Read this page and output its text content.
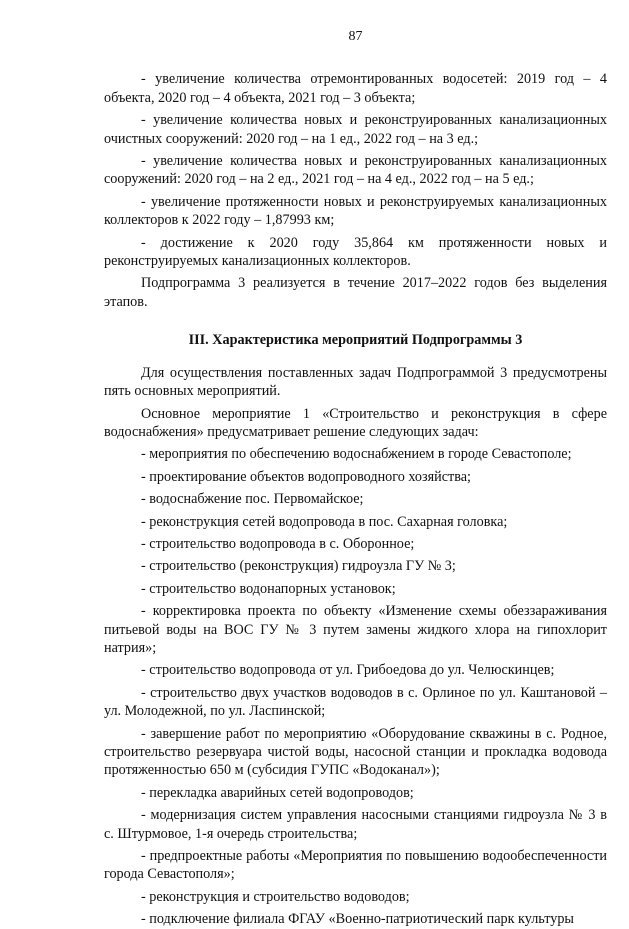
87

- увеличение количества отремонтированных водосетей: 2019 год – 4 объекта, 2020 год – 4 объекта, 2021 год – 3 объекта;

- увеличение количества новых и реконструированных канализационных очистных сооружений: 2020 год – на 1 ед., 2022 год – на 3 ед.;

- увеличение количества новых и реконструированных канализационных сооружений: 2020 год – на 2 ед., 2021 год – на 4 ед., 2022 год – на 5 ед.;

- увеличение протяженности новых и реконструируемых канализационных коллекторов к 2022 году – 1,87993 км;

- достижение к 2020 году 35,864 км протяженности новых и реконструируемых канализационных коллекторов.

Подпрограмма 3 реализуется в течение 2017–2022 годов без выделения этапов.

III. Характеристика мероприятий Подпрограммы 3

Для осуществления поставленных задач Подпрограммой 3 предусмотрены пять основных мероприятий.

Основное мероприятие 1 «Строительство и реконструкция в сфере водоснабжения» предусматривает решение следующих задач:

- мероприятия по обеспечению водоснабжением в городе Севастополе;

- проектирование объектов водопроводного хозяйства;

- водоснабжение пос. Первомайское;

- реконструкция сетей водопровода в пос. Сахарная головка;

- строительство водопровода в с. Оборонное;

- строительство (реконструкция) гидроузла ГУ № 3;

- строительство водонапорных установок;

- корректировка проекта по объекту «Изменение схемы обеззараживания питьевой воды на ВОС ГУ № 3 путем замены жидкого хлора на гипохлорит натрия»;

- строительство водопровода от ул. Грибоедова до ул. Челюскинцев;

- строительство двух участков водоводов в с. Орлиное по ул. Каштановой – ул. Молодежной, по ул. Ласпинской;

- завершение работ по мероприятию «Оборудование скважины в с. Родное, строительство резервуара чистой воды, насосной станции и прокладка водовода протяженностью 650 м (субсидия ГУПС «Водоканал»);

- перекладка аварийных сетей водопроводов;

- модернизация систем управления насосными станциями гидроузла № 3 в с. Штурмовое, 1-я очередь строительства;

- предпроектные работы «Мероприятия по повышению водообеспеченности города Севастополя»;

- реконструкция и строительство водоводов;

- подключение филиала ФГАУ «Военно-патриотический парк культуры
